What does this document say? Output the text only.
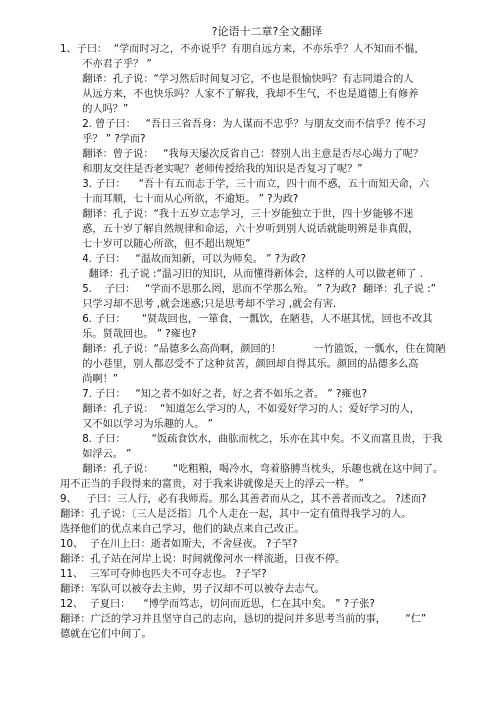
?论语十二章?全文翻译
1、子曰：  “学而时习之，不亦说乎？有朋自远方来，不亦乐乎？人不知而不愠，
不亦君子乎？ ”
翻译：孔子说：“学习然后时间复习它，不也是很愉快吗？有志同道合的人
从远方来，不也快乐吗？人家不了解我，我却不生气，不也是道德上有修养
的人吗？”
2. 曾子曰：   “吾日三省吾身：为人谋而不忠乎？与朋友交而不信乎？传不习
乎？ ” ?学而?
翻译：曾子说：   “我每天屡次反省自己：替别人出主意是否尽心竭力了呢？
和朋友交往是否老实呢？老师传授给我的知识是否复习了呢？”
3. 子曰：    “吾十有五而志于学，三十而立，四十而不惑，五十而知天命，六
十而耳顺，七十而从心所欲，不逾矩。 ” ?为政?
翻译：孔子说：“我十五岁立志学习，三十岁能独立于世，四十岁能够不迷
惑，五十岁了解自然规律和命运，六十岁听到别人说话就能明辨是非真假，
七十岁可以随心所欲，但不超出规矩”
4. 子曰：   “温故而知新，可以为师矣。 ” ?为政?
翻译：孔子说 :“温习旧的知识，从而懂得新体会，这样的人可以做老师了 .
5.    子曰：   “学而不思那么罔，思而不学那么殆。 ” ?为政?  翻译：孔子说 :”
只学习却不思考 ,就会迷惑;只是思考却不学习 ,就会有害.
6. 子曰：     “贤哉回也，一箪食，一瓢饮，在陋巷，人不堪其忧，回也不改其
乐。贤哉回也。 ” ?雍也?
翻译：孔子说：“品德多么高尚啊，颜回的！          一竹篮饭，一瓢水，住在简陋
的小巷里，别人都忍受不了这种贫苦，颜回却自得其乐。颜回的品德多么高
尚啊！”
7. 子曰：   “知之者不如好之者，好之者不如乐之者。 ” ?雍也?
翻译：孔子说：  “知道怎么学习的人，不如爱好学习的人；爱好学习的人，
又不如以学习为乐趣的人。 ”
8. 子曰：        “饭疏食饮水，曲肱而枕之，乐亦在其中矣。不义而富且贵，于我
如浮云。 ”
翻译：孔子说：      “吃粗粮，喝冷水，弯着胳膊当枕头，乐趣也就在这中间了。
用不正当的手段得来的富贵，对于我来讲就像是天上的浮云一样。 ”
9、   子曰：三人行，必有我师焉。那么其善者而从之，其不善者而改之。 ?述而?
翻译：孔子说：〔三人是泛指〕几个人走在一起，其中一定有值得我学习的人。
选择他们的优点来自己学习，他们的缺点来自己改正。
10、  子在川上曰：逝者如斯夫，不舍昼夜。 ?子罕?
翻译：孔子站在河岸上说：时间就像河水一样流逝，日夜不停。
11、  三军可夺帅也匹夫不可夺志也。 ?子罕?
翻译：军队可以被夺去主帅，男子汉却不可以被夺去志气。
12、  子夏曰：    “博学而笃志，切问而近思，仁在其中矣。 ” ?子张?
翻译：广泛的学习并且坚守自己的志向，恳切的提问并多思考当前的事，      “仁”
德就在它们中间了。
